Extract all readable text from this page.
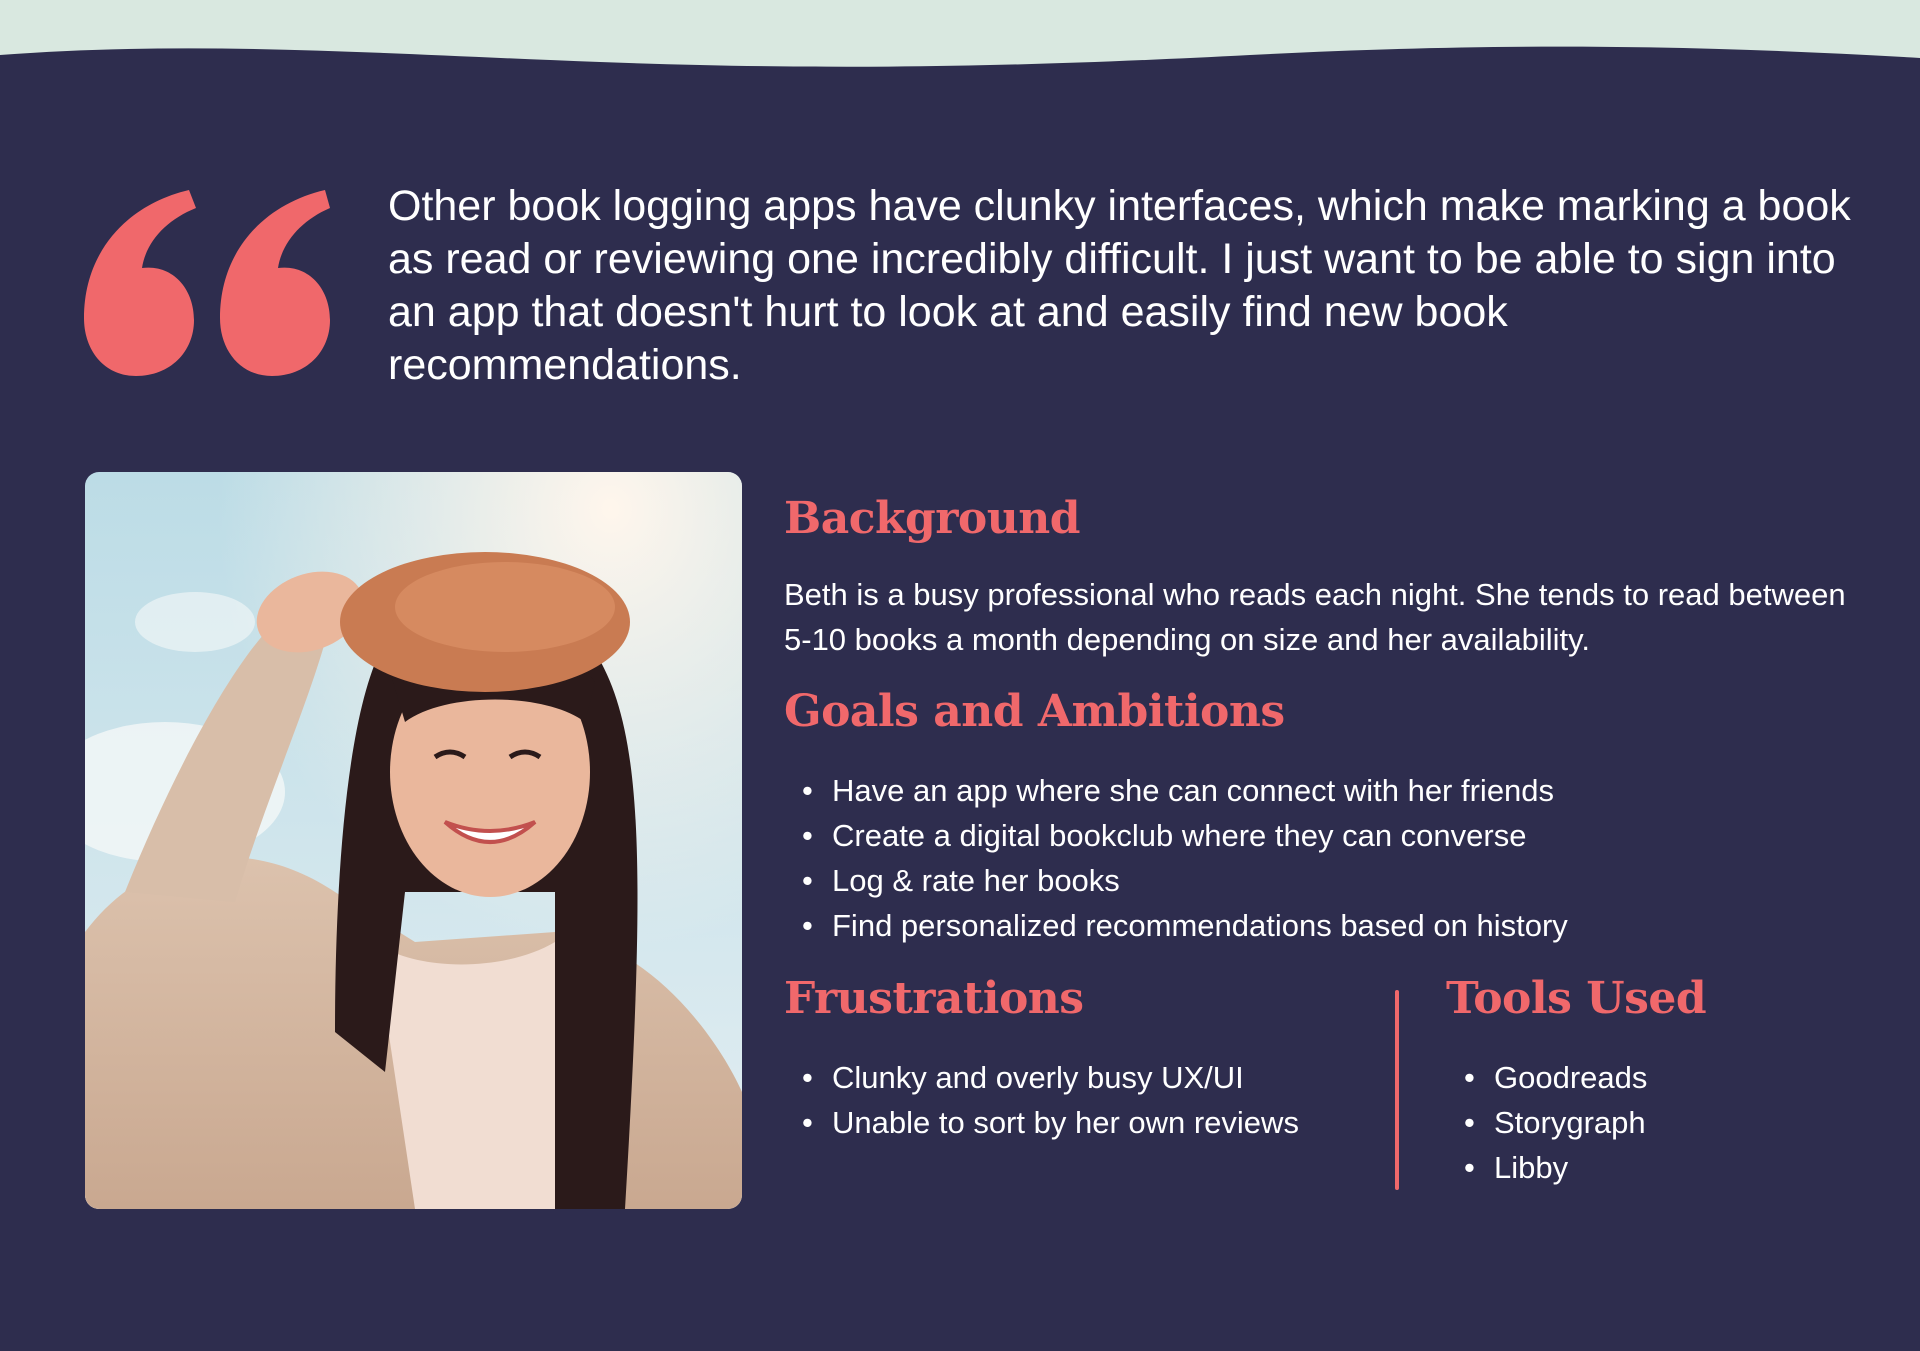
Other book logging apps have clunky interfaces, which make marking a book as read or reviewing one incredibly difficult. I just want to be able to sign into an app that doesn't hurt to look at and easily find new book recommendations.

Background

Beth is a busy professional who reads each night. She tends to read between 5-10 books a month depending on size and her availability.

Goals and Ambitions
• Have an app where she can connect with her friends
• Create a digital bookclub where they can converse
• Log & rate her books
• Find personalized recommendations based on history
Frustrations
• Clunky and overly busy UX/UI
• Unable to sort by her own reviews
Tools Used
• Goodreads
• Storygraph
• Libby
